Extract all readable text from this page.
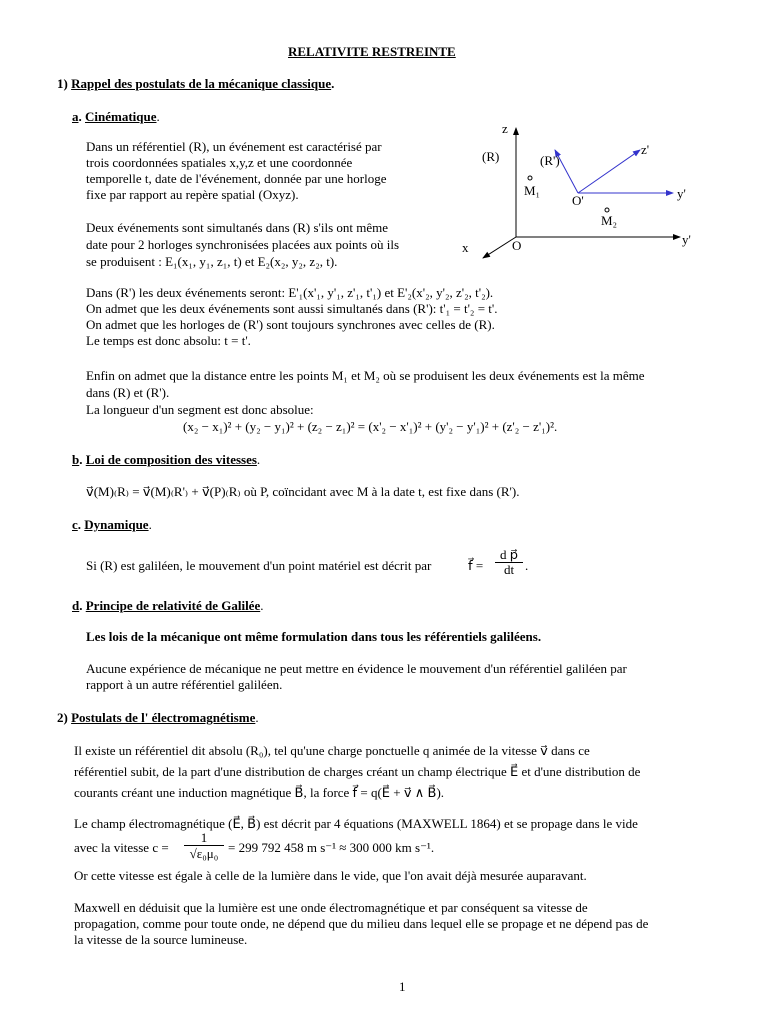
RELATIVITE RESTREINTE
1) Rappel des postulats de la mécanique classique.
a. Cinématique.
Dans un référentiel (R), un événement est caractérisé par
trois coordonnées spatiales x,y,z et une coordonnée
temporelle t, date de l'événement, donnée par une horloge
fixe par rapport au repère spatial (Oxyz).
Deux événements sont simultanés dans (R) s'ils ont même
date pour 2 horloges synchronisées placées aux points où ils
se produisent : E₁(x₁, y₁, z₁, t) et E₂(x₂, y₂, z₂, t).
Dans (R') les deux événements seront: E'₁(x'₁, y'₁, z'₁, t'₁) et E'₂(x'₂, y'₂, z'₂, t'₂).
On admet que les deux événements sont aussi simultanés dans (R'): t'₁ = t'₂ = t'.
On admet que les horloges de (R') sont toujours synchrones avec celles de (R).
Le temps est donc absolu: t = t'.
Enfin on admet que la distance entre les points M₁ et M₂ où se produisent les deux événements est la même
dans (R) et (R').
La longueur d'un segment est donc absolue:
(x₂ − x₁)² + (y₂ − y₁)² + (z₂ − z₁)² = (x'₂ − x'₁)² + (y'₂ − y'₁)² + (z'₂ − z'₁)².
z
(R)	(R')
z'
M₁
O'	y'
M₂
x	O	y'
b. Loi de composition des vitesses.
v⃗(M)₍R₎ = v⃗(M)₍R'₎ + v⃗(P)₍R₎ où P, coïncidant avec M à la date t, est fixe dans (R').
c. Dynamique.
Si (R) est galiléen, le mouvement d'un point matériel est décrit par	f⃗ = $\frac{\text{d p⃗}}{dt}$ .
d. Principe de relativité de Galilée.
Les lois de la mécanique ont même formulation dans tous les référentiels galiléens.
Aucune expérience de mécanique ne peut mettre en évidence le mouvement d'un référentiel galiléen par
rapport à un autre référentiel galiléen.
2) Postulats de l' électromagnétisme.
Il existe un référentiel dit absolu (R₀), tel qu'une charge ponctuelle q animée de la vitesse v⃗ dans ce
référentiel subit, de la part d'une distribution de charges créant un champ électrique E⃗ et d'une distribution de
courants créant une induction magnétique B⃗, la force f⃗ = q(E⃗ + v⃗ ∧ B⃗).
Le champ électromagnétique (E⃗, B⃗) est décrit par 4 équations (MAXWELL 1864) et se propage dans le vide
avec la vitesse $c = \frac{1}{\text{√ε₀μ₀}} = 299$ 792 458 m s⁻¹ ≈ 300 000 km s⁻¹.
Or cette vitesse est égale à celle de la lumière dans le vide, que l'on avait déjà mesurée auparavant.
Maxwell en déduisit que la lumière est une onde électromagnétique et par conséquent sa vitesse de
propagation, comme pour toute onde, ne dépend que du milieu dans lequel elle se propage et ne dépend pas de
la vitesse de la source lumineuse.
1
